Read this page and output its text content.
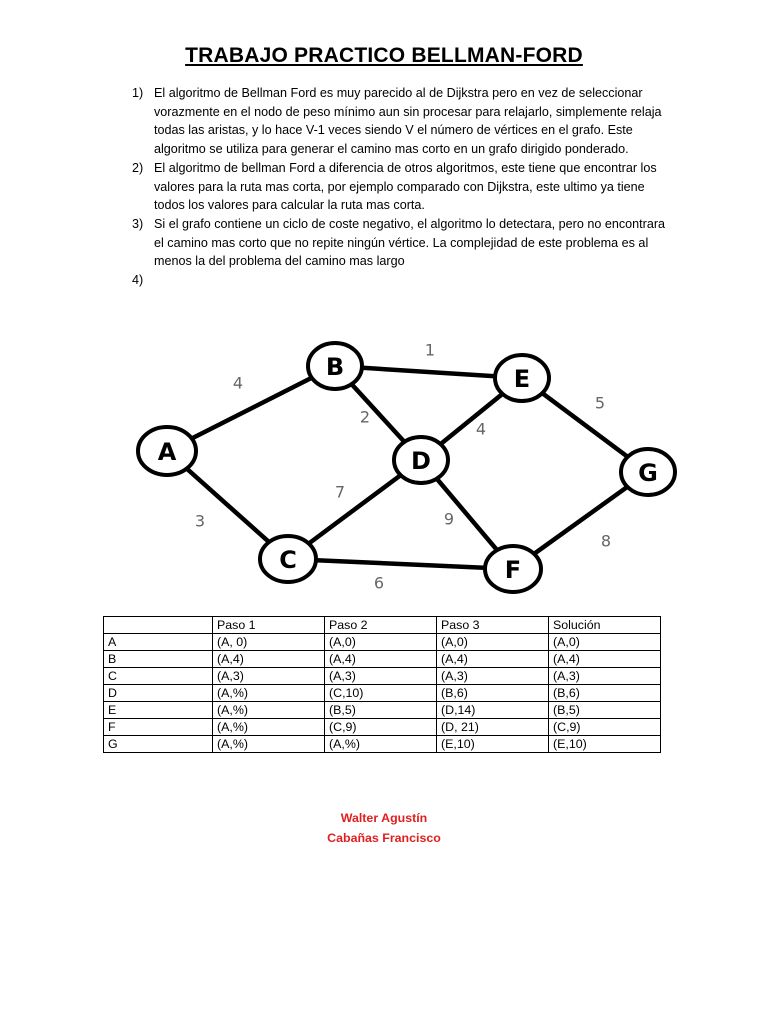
TRABAJO PRACTICO BELLMAN-FORD
1) El algoritmo de Bellman Ford es muy parecido al de Dijkstra pero en vez de seleccionar vorazmente en el nodo de peso mínimo aun sin procesar para relajarlo, simplemente relaja todas las aristas, y lo hace V-1 veces siendo V el número de vértices en el grafo. Este algoritmo se utiliza para generar el camino mas corto en un grafo dirigido ponderado.
2) El algoritmo de bellman Ford a diferencia de otros algoritmos, este tiene que encontrar los valores para la ruta mas corta, por ejemplo comparado con Dijkstra, este ultimo ya tiene todos los valores para calcular la ruta mas corta.
3) Si el grafo contiene un ciclo de coste negativo, el algoritmo lo detectara, pero no encontrara el camino mas corto que no repite ningún vértice. La complejidad de este problema es al menos la del problema del camino mas largo
4)
A
B	E
D	G
C	F
4
1
2
4
5
3
7
9
6
8
	Paso 1	Paso 2	Paso 3	Solución
A	(A, 0)	(A,0)	(A,0)	(A,0)
B	(A,4)	(A,4)	(A,4)	(A,4)
C	(A,3)	(A,3)	(A,3)	(A,3)
D	(A,%)	(C,10)	(B,6)	(B,6)
E	(A,%)	(B,5)	(D,14)	(B,5)
F	(A,%)	(C,9)	(D, 21)	(C,9)
G	(A,%)	(A,%)	(E,10)	(E,10)
Walter Agustín
Cabañas Francisco
